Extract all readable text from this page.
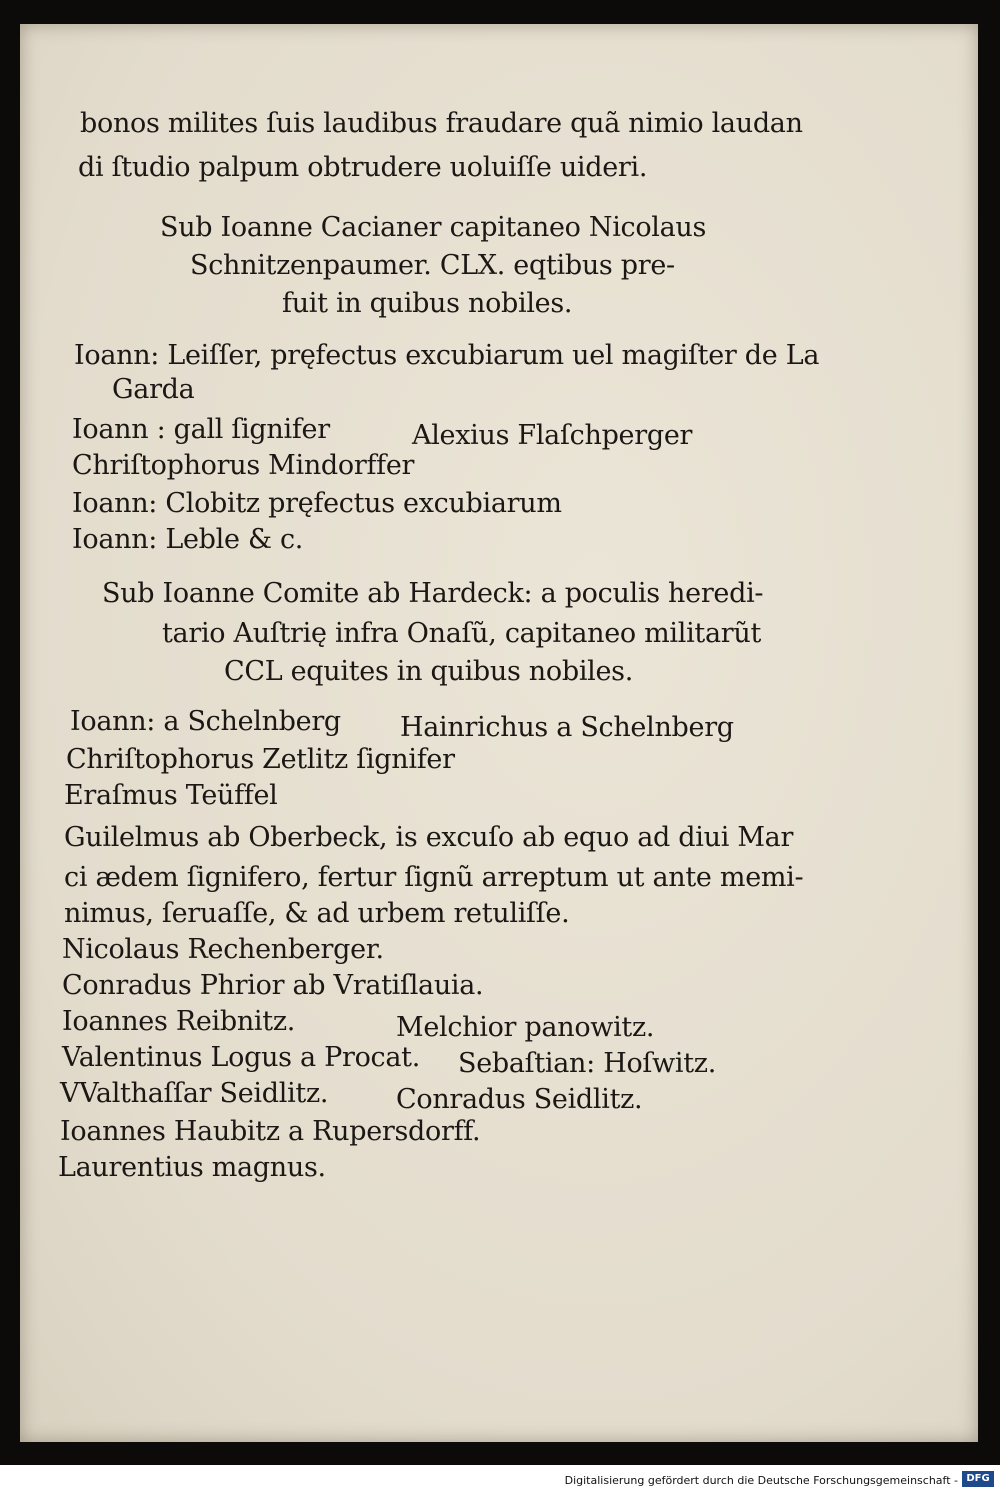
bonos milites ſuis laudibus fraudare quã nimio laudan
di ſtudio palpum obtrudere uoluiſſe uideri.
Sub Ioanne Cacianer capitaneo Nicolaus
Schnitzenpaumer. CLX. eqtibus pre-
fuit in quibus nobiles.
Ioann: Leiſſer, pręfectus excubiarum uel magiſter de La
Garda
Ioann : gall ſignifer	Alexius Flaſchperger
Chriſtophorus Mindorffer
Ioann: Clobitz pręfectus excubiarum
Ioann: Leble & c.
Sub Ioanne Comite ab Hardeck: a poculis heredi-
tario Auſtrię infra Onaſũ, capitaneo militarũt
CCL equites in quibus nobiles.
Ioann: a Schelnberg Hainrichus a Schelnberg
Chriſtophorus Zetlitz ſignifer
Eraſmus Teüffel
Guilelmus ab Oberbeck, is excuſo ab equo ad diui Mar
ci ædem ſignifero, fertur ſignũ arreptum ut ante memi-
nimus, ſeruaſſe, & ad urbem retuliſſe.
Nicolaus Rechenberger.
Conradus Phrior ab Vratiſlauia.
Ioannes Reibnitz.	Melchior panowitz.
Valentinus Logus a Procat. Sebaſtian: Hoſwitz.
VValthaſſar Seidlitz.	Conradus Seidlitz.
Ioannes Haubitz a Rupersdorff.
Laurentius magnus.
Digitalisierung gefördert durch die Deutsche Forschungsgemeinschaft - DFG
